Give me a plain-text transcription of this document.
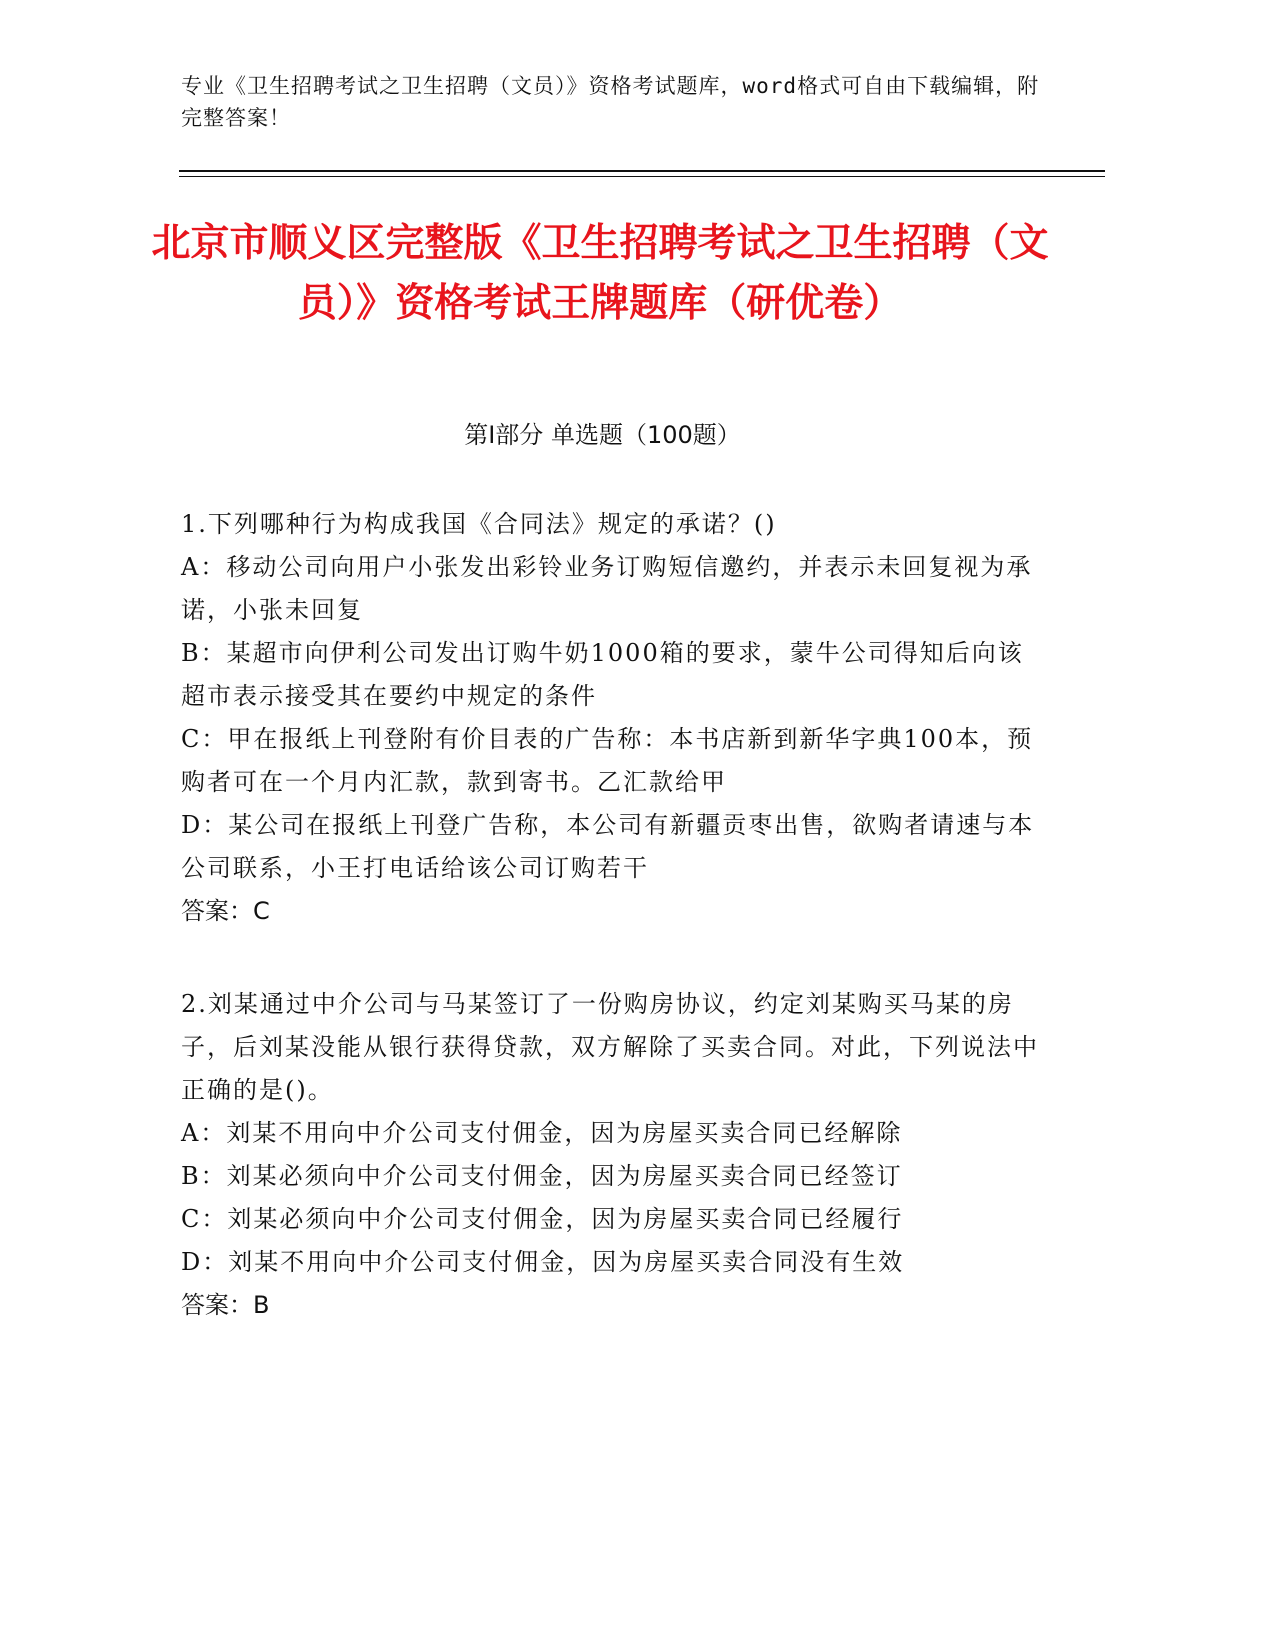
专业《卫生招聘考试之卫生招聘（文员）》资格考试题库，word格式可自由下载编辑，附完整答案！
北京市顺义区完整版《卫生招聘考试之卫生招聘（文员）》资格考试王牌题库（研优卷）
第Ⅰ部分 单选题（100题）
1.下列哪种行为构成我国《合同法》规定的承诺？()
A：移动公司向用户小张发出彩铃业务订购短信邀约，并表示未回复视为承诺，小张未回复
B：某超市向伊利公司发出订购牛奶1000箱的要求，蒙牛公司得知后向该超市表示接受其在要约中规定的条件
C：甲在报纸上刊登附有价目表的广告称：本书店新到新华字典100本，预购者可在一个月内汇款，款到寄书。乙汇款给甲
D：某公司在报纸上刊登广告称，本公司有新疆贡枣出售，欲购者请速与本公司联系，小王打电话给该公司订购若干
答案：C
2.刘某通过中介公司与马某签订了一份购房协议，约定刘某购买马某的房子，后刘某没能从银行获得贷款，双方解除了买卖合同。对此，下列说法中正确的是()。
A：刘某不用向中介公司支付佣金，因为房屋买卖合同已经解除
B：刘某必须向中介公司支付佣金，因为房屋买卖合同已经签订
C：刘某必须向中介公司支付佣金，因为房屋买卖合同已经履行
D：刘某不用向中介公司支付佣金，因为房屋买卖合同没有生效
答案：B
